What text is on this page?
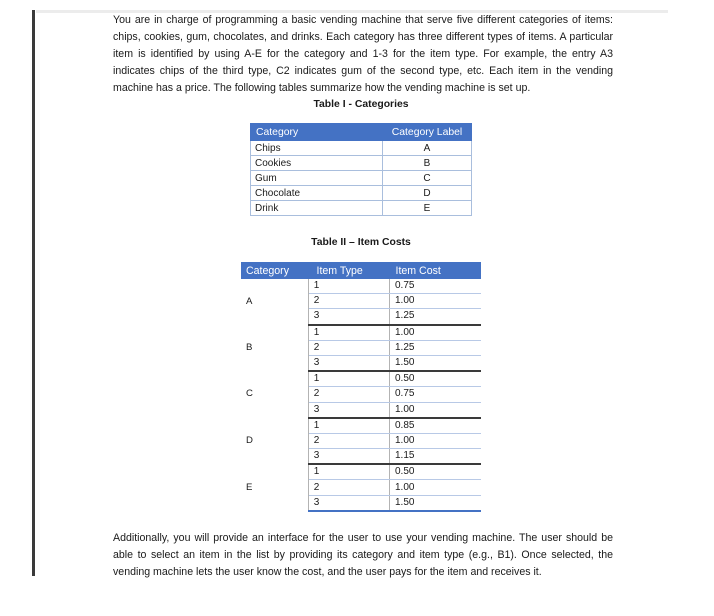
You are in charge of programming a basic vending machine that serve five different categories of items: chips, cookies, gum, chocolates, and drinks. Each category has three different types of items. A particular item is identified by using A-E for the category and 1-3 for the item type. For example, the entry A3 indicates chips of the third type, C2 indicates gum of the second type, etc. Each item in the vending machine has a price. The following tables summarize how the vending machine is set up.

Table I - Categories
Category	Category Label
Chips	A
Cookies	B
Gum	C
Chocolate	D
Drink	E
Table II – Item Costs
Category	Item Type	Item Cost
A	1	0.75
	2	1.00
	3	1.25
B	1	1.00
	2	1.25
	3	1.50
C	1	0.50
	2	0.75
	3	1.00
D	1	0.85
	2	1.00
	3	1.15
E	1	0.50
	2	1.00
	3	1.50

Additionally, you will provide an interface for the user to use your vending machine. The user should be able to select an item in the list by providing its category and item type (e.g., B1). Once selected, the vending machine lets the user know the cost, and the user pays for the item and receives it.
